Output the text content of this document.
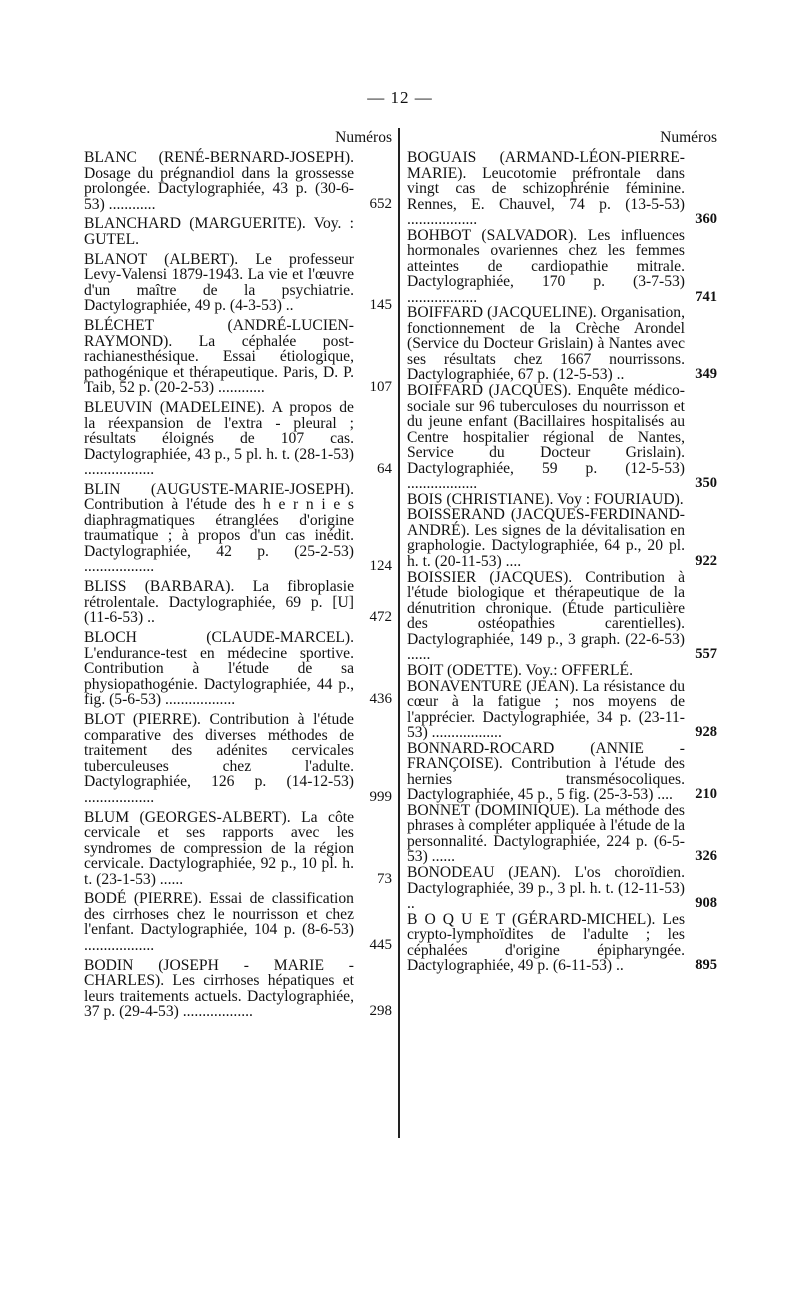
— 12 —
Numéros
BLANC (RENÉ-BERNARD-JOSEPH). Dosage du prégnandiol dans la grossesse prolongée. Dactylographiée, 43 p. (30-6-53) ............	652
BLANCHARD (MARGUERITE). Voy. : GUTEL.
BLANOT (ALBERT). Le professeur Levy-Valensi 1879-1943. La vie et l'œuvre d'un maître de la psychiatrie. Dactylographiée, 49 p. (4-3-53) ..	145
BLÉCHET (ANDRÉ-LUCIEN-RAYMOND). La céphalée post-rachianesthésique. Essai étiologique, pathogénique et thérapeutique. Paris, D. P. Taib, 52 p. (20-2-53) ............	107
BLEUVIN (MADELEINE). A propos de la réexpansion de l'extra - pleural ; résultats éloignés de 107 cas. Dactylographiée, 43 p., 5 pl. h. t. (28-1-53) ..................	64
BLIN (AUGUSTE-MARIE-JOSEPH). Contribution à l'étude des h e r n i e s diaphragmatiques étranglées d'origine traumatique ; à propos d'un cas inédit. Dactylographiée, 42 p. (25-2-53) ..................	124
BLISS (BARBARA). La fibroplasie rétrolentale. Dactylographiée, 69 p. [U] (11-6-53) ..	472
BLOCH (CLAUDE-MARCEL). L'endurance-test en médecine sportive. Contribution à l'étude de sa physiopathogénie. Dactylographiée, 44 p., fig. (5-6-53) ..................	436
BLOT (PIERRE). Contribution à l'étude comparative des diverses méthodes de traitement des adénites cervicales tuberculeuses chez l'adulte. Dactylographiée, 126 p. (14-12-53) ..................	999
BLUM (GEORGES-ALBERT). La côte cervicale et ses rapports avec les syndromes de compression de la région cervicale. Dactylographiée, 92 p., 10 pl. h. t. (23-1-53) ......	73
BODÉ (PIERRE). Essai de classification des cirrhoses chez le nourrisson et chez l'enfant. Dactylographiée, 104 p. (8-6-53) ..................	445
BODIN (JOSEPH - MARIE - CHARLES). Les cirrhoses hépatiques et leurs traitements actuels. Dactylographiée, 37 p. (29-4-53) ..................	298
Numéros
BOGUAIS (ARMAND-LÉON-PIERRE-MARIE). Leucotomie préfrontale dans vingt cas de schizophrénie féminine. Rennes, E. Chauvel, 74 p. (13-5-53) ..................	360
BOHBOT (SALVADOR). Les influences hormonales ovariennes chez les femmes atteintes de cardiopathie mitrale. Dactylographiée, 170 p. (3-7-53) ..................	741
BOIFFARD (JACQUELINE). Organisation, fonctionnement de la Crèche Arondel (Service du Docteur Grislain) à Nantes avec ses résultats chez 1667 nourrissons. Dactylographiée, 67 p. (12-5-53) ..	349
BOIFFARD (JACQUES). Enquête médico-sociale sur 96 tuberculoses du nourrisson et du jeune enfant (Bacillaires hospitalisés au Centre hospitalier régional de Nantes, Service du Docteur Grislain). Dactylographiée, 59 p. (12-5-53) ..................	350
BOIS (CHRISTIANE). Voy : FOURIAUD).
BOISSERAND (JACQUES-FERDINAND-ANDRÉ). Les signes de la dévitalisation en graphologie. Dactylographiée, 64 p., 20 pl. h. t. (20-11-53) ....	922
BOISSIER (JACQUES). Contribution à l'étude biologique et thérapeutique de la dénutrition chronique. (Étude particulière des ostéopathies carentielles). Dactylographiée, 149 p., 3 graph. (22-6-53) ......	557
BOIT (ODETTE). Voy.: OFFERLÉ.
BONAVENTURE (JEAN). La résistance du cœur à la fatigue ; nos moyens de l'apprécier. Dactylographiée, 34 p. (23-11-53) ..................	928
BONNARD-ROCARD (ANNIE - FRANÇOISE). Contribution à l'étude des hernies transmésocoliques. Dactylographiée, 45 p., 5 fig. (25-3-53) ....	210
BONNET (DOMINIQUE). La méthode des phrases à compléter appliquée à l'étude de la personnalité. Dactylographiée, 224 p. (6-5-53) ......	326
BONODEAU (JEAN). L'os choroïdien. Dactylographiée, 39 p., 3 pl. h. t. (12-11-53) ..	908
B O Q U E T (GÉRARD-MICHEL). Les crypto-lymphoïdites de l'adulte ; les céphalées d'origine épipharyngée. Dactylographiée, 49 p. (6-11-53) ..	895
